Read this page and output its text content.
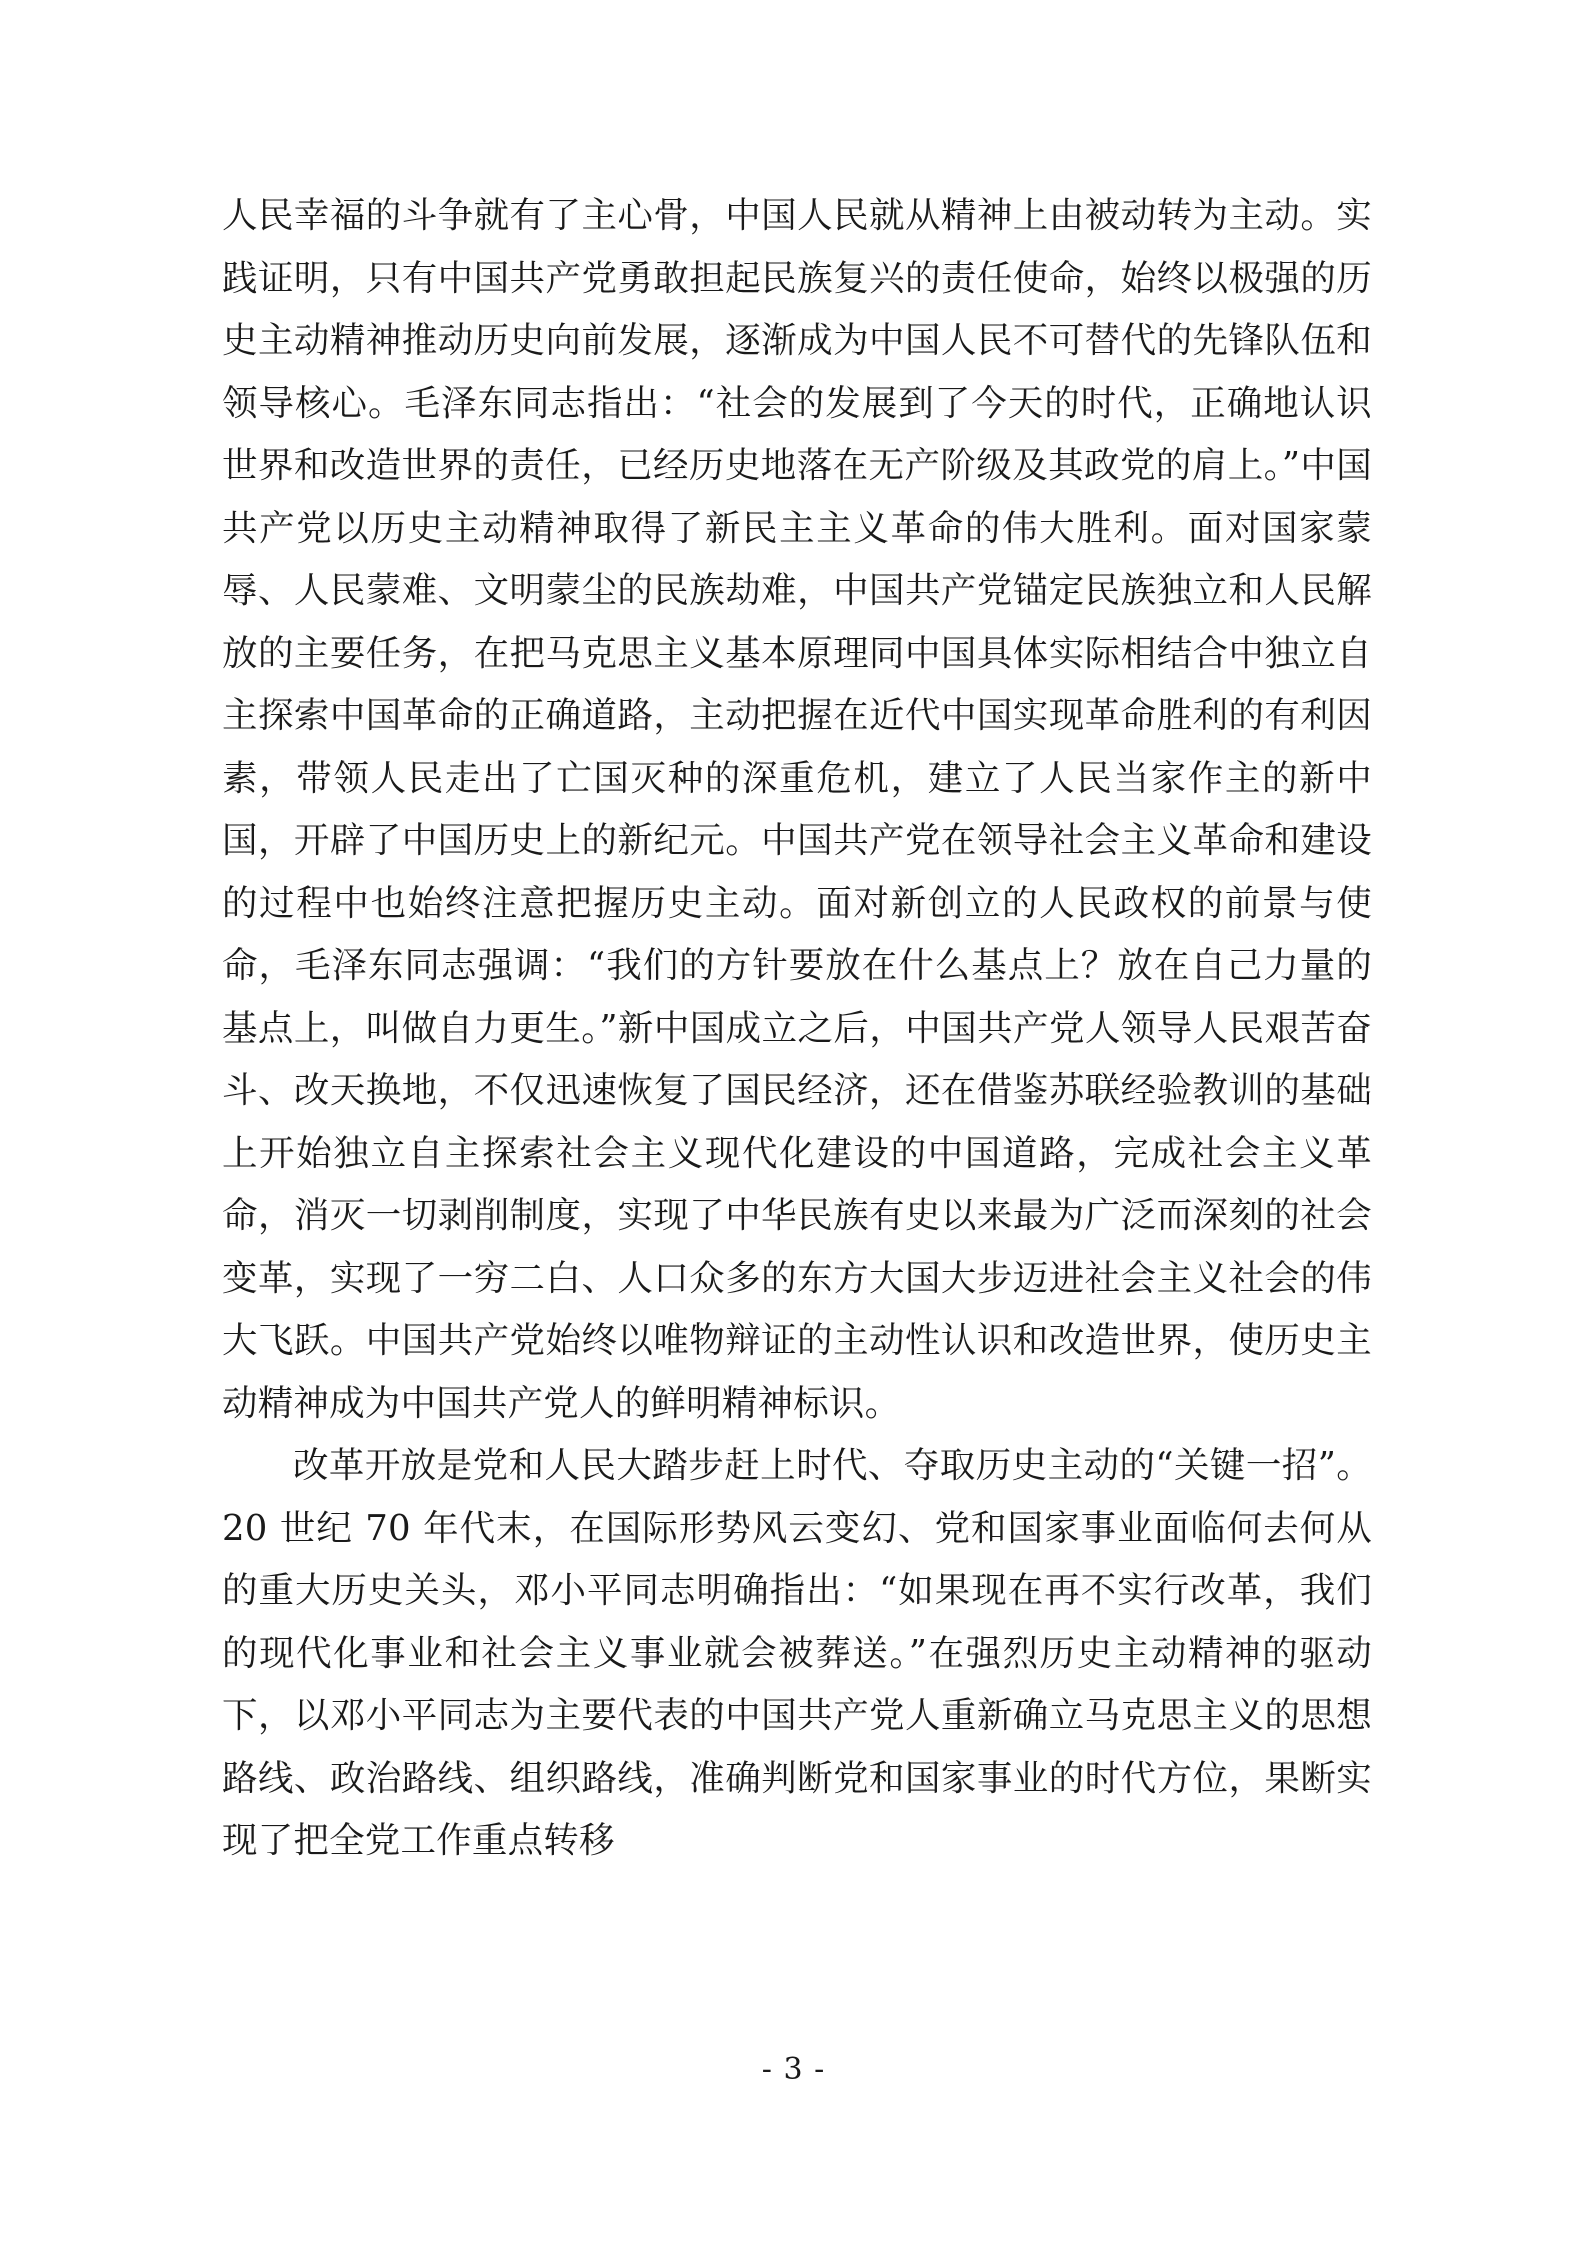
人民幸福的斗争就有了主心骨，中国人民就从精神上由被动转为主动。实践证明，只有中国共产党勇敢担起民族复兴的责任使命，始终以极强的历史主动精神推动历史向前发展，逐渐成为中国人民不可替代的先锋队伍和领导核心。毛泽东同志指出：“社会的发展到了今天的时代，正确地认识世界和改造世界的责任，已经历史地落在无产阶级及其政党的肩上。”中国共产党以历史主动精神取得了新民主主义革命的伟大胜利。面对国家蒙辱、人民蒙难、文明蒙尘的民族劫难，中国共产党锚定民族独立和人民解放的主要任务，在把马克思主义基本原理同中国具体实际相结合中独立自主探索中国革命的正确道路，主动把握在近代中国实现革命胜利的有利因素，带领人民走出了亡国灭种的深重危机，建立了人民当家作主的新中国，开辟了中国历史上的新纪元。中国共产党在领导社会主义革命和建设的过程中也始终注意把握历史主动。面对新创立的人民政权的前景与使命，毛泽东同志强调：“我们的方针要放在什么基点上？放在自己力量的基点上，叫做自力更生。”新中国成立之后，中国共产党人领导人民艰苦奋斗、改天换地，不仅迅速恢复了国民经济，还在借鉴苏联经验教训的基础上开始独立自主探索社会主义现代化建设的中国道路，完成社会主义革命，消灭一切剥削制度，实现了中华民族有史以来最为广泛而深刻的社会变革，实现了一穷二白、人口众多的东方大国大步迈进社会主义社会的伟大飞跃。中国共产党始终以唯物辩证的主动性认识和改造世界，使历史主动精神成为中国共产党人的鲜明精神标识。

改革开放是党和人民大踏步赶上时代、夺取历史主动的“关键一招”。20 世纪 70 年代末，在国际形势风云变幻、党和国家事业面临何去何从的重大历史关头，邓小平同志明确指出：“如果现在再不实行改革，我们的现代化事业和社会主义事业就会被葬送。”在强烈历史主动精神的驱动下，以邓小平同志为主要代表的中国共产党人重新确立马克思主义的思想路线、政治路线、组织路线，准确判断党和国家事业的时代方位，果断实现了把全党工作重点转移

- 3 -
